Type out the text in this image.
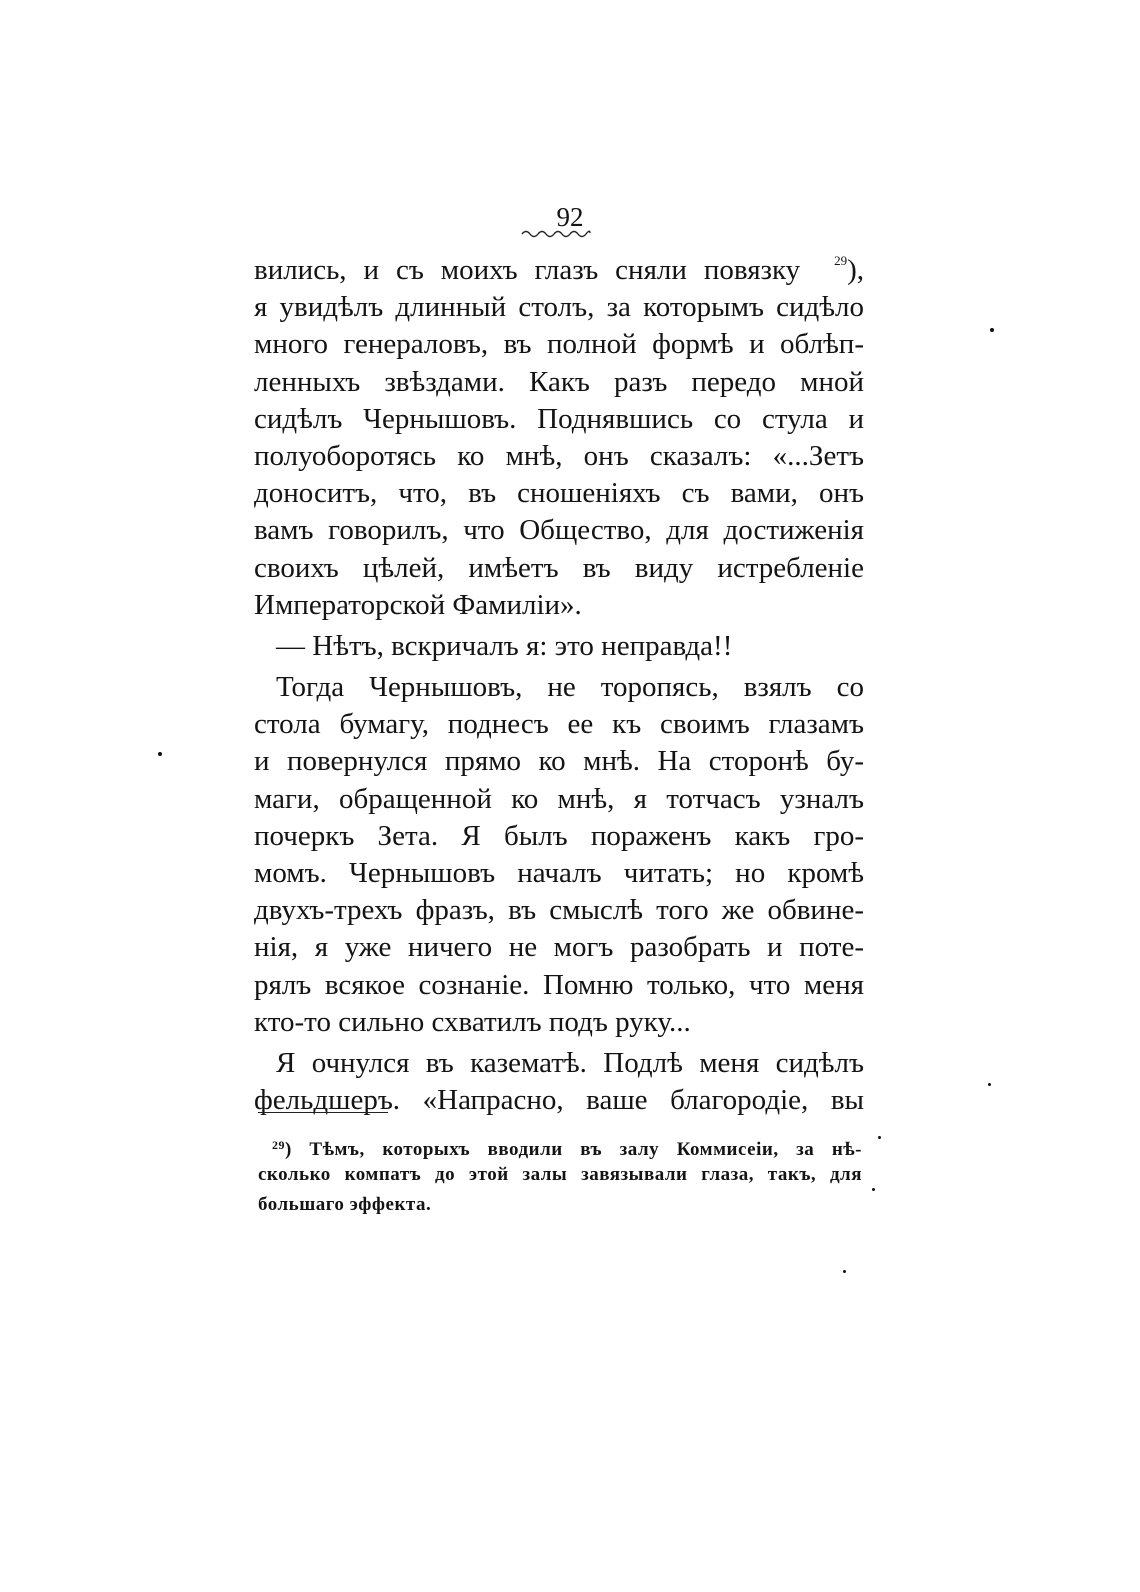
92
вились, и съ моихъ глазъ сняли повязку	$^{29}$),
я увидѣлъ длинный столъ, за которымъ сидѣло
много генераловъ, въ полной формѣ и облѣп-
ленныхъ звѣздами. Какъ разъ передо мной
сидѣлъ Чернышовъ. Поднявшись со стула и
полуоборотясь ко мнѣ, онъ сказалъ: «...Зетъ
доноситъ, что, въ сношеніяхъ съ вами, онъ
вамъ говорилъ, что Общество, для достиженія
своихъ цѣлей, имѣетъ въ виду истребленіе
Императорской Фамиліи».
— Нѣтъ, вскричалъ я: это неправда!!
Тогда Чернышовъ, не торопясь, взялъ со
стола бумагу, поднесъ ее къ своимъ глазамъ
и повернулся прямо ко мнѣ. На сторонѣ бу-
маги, обращенной ко мнѣ, я тотчасъ узналъ
почеркъ Зета. Я былъ пораженъ какъ гро-
момъ. Чернышовъ началъ читать; но кромѣ
двухъ-трехъ фразъ, въ смыслѣ того же обвине-
нія, я уже ничего не могъ разобрать и поте-
рялъ всякое сознаніе. Помню только, что меня
кто-то сильно схватилъ подъ руку...
Я очнулся въ казематѣ. Подлѣ меня сидѣлъ
фельдшеръ. «Напрасно, ваше благородіе, вы
$^{29}$) Тѣмъ, которыхъ вводили въ залу Коммисеіи, за нѣ-
сколько компатъ до этой залы завязывали глаза, такъ, для
большаго эффекта.
